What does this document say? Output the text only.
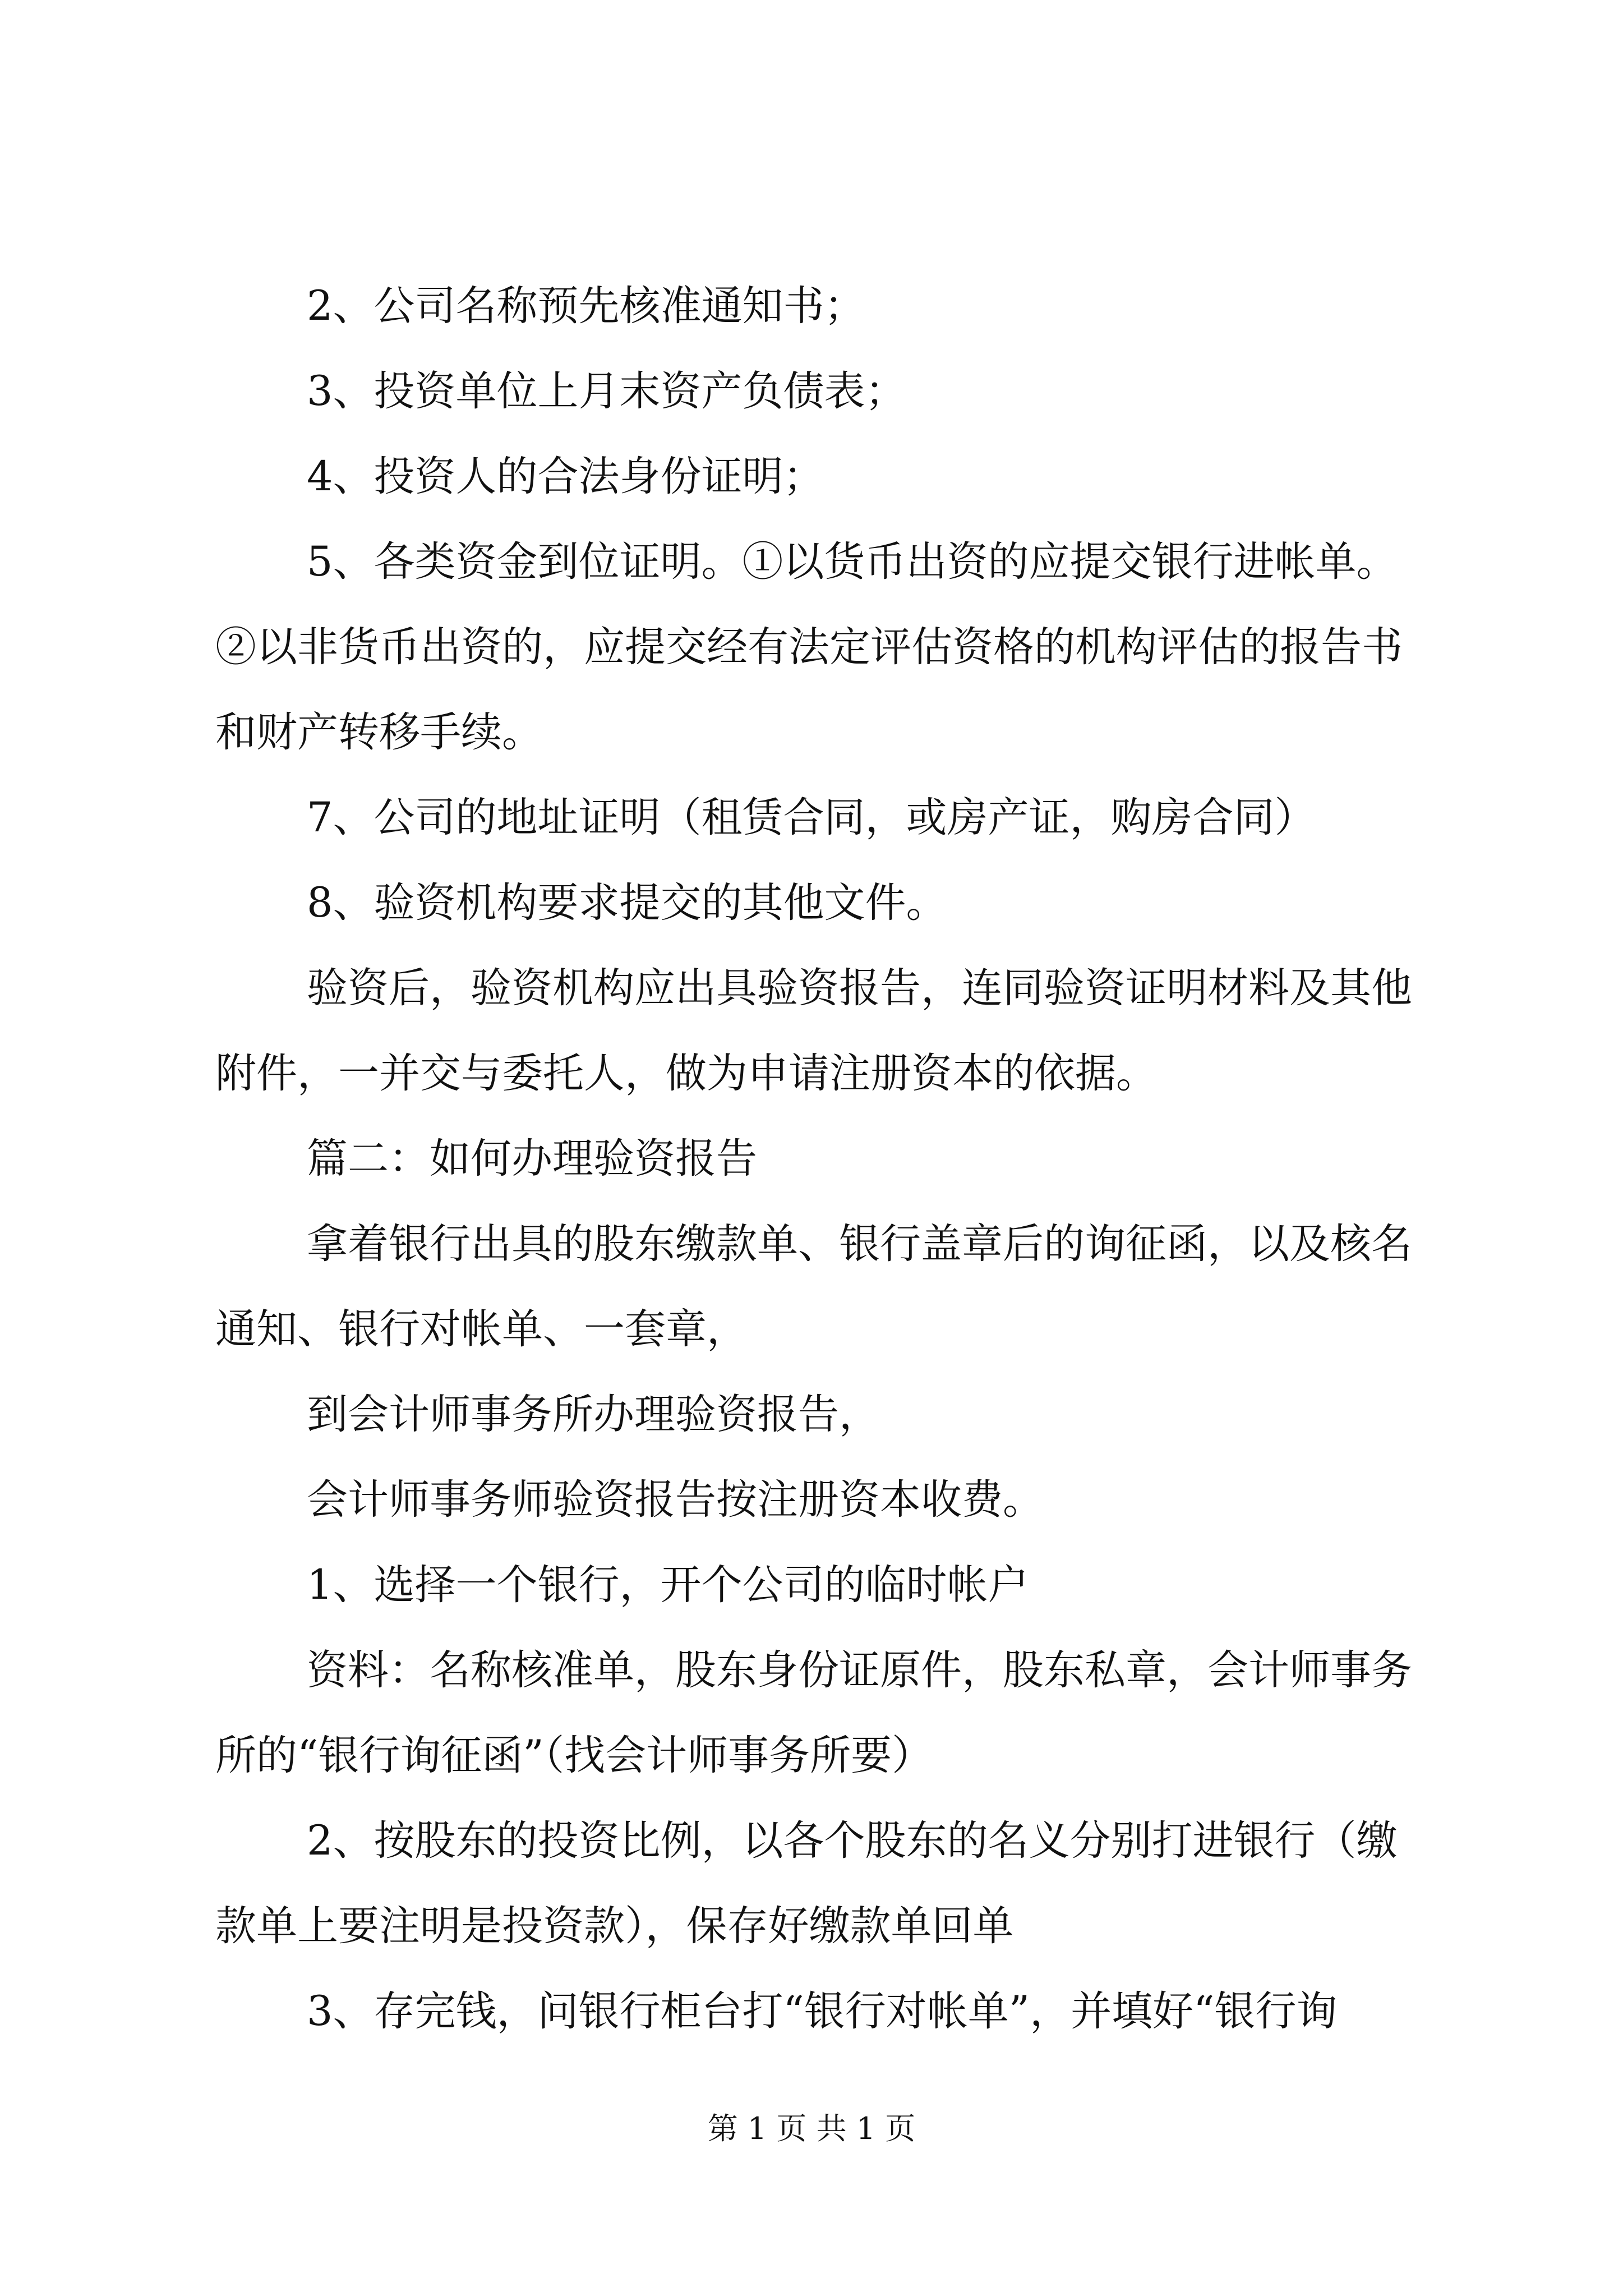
2、公司名称预先核准通知书；

3、投资单位上月末资产负债表；

4、投资人的合法身份证明；

5、各类资金到位证明。①以货币出资的应提交银行进帐单。②以非货币出资的，应提交经有法定评估资格的机构评估的报告书和财产转移手续。

7、公司的地址证明（租赁合同，或房产证，购房合同）

8、验资机构要求提交的其他文件。

验资后，验资机构应出具验资报告，连同验资证明材料及其他附件，一并交与委托人，做为申请注册资本的依据。

篇二：如何办理验资报告

拿着银行出具的股东缴款单、银行盖章后的询征函，以及核名通知、银行对帐单、一套章，

到会计师事务所办理验资报告，

会计师事务师验资报告按注册资本收费。

1、选择一个银行，开个公司的临时帐户

资料：名称核准单，股东身份证原件，股东私章，会计师事务所的“银行询征函”（找会计师事务所要）

2、按股东的投资比例，以各个股东的名义分别打进银行（缴款单上要注明是投资款），保存好缴款单回单

3、存完钱，问银行柜台打“银行对帐单”，并填好“银行询

第 1 页 共 1 页
